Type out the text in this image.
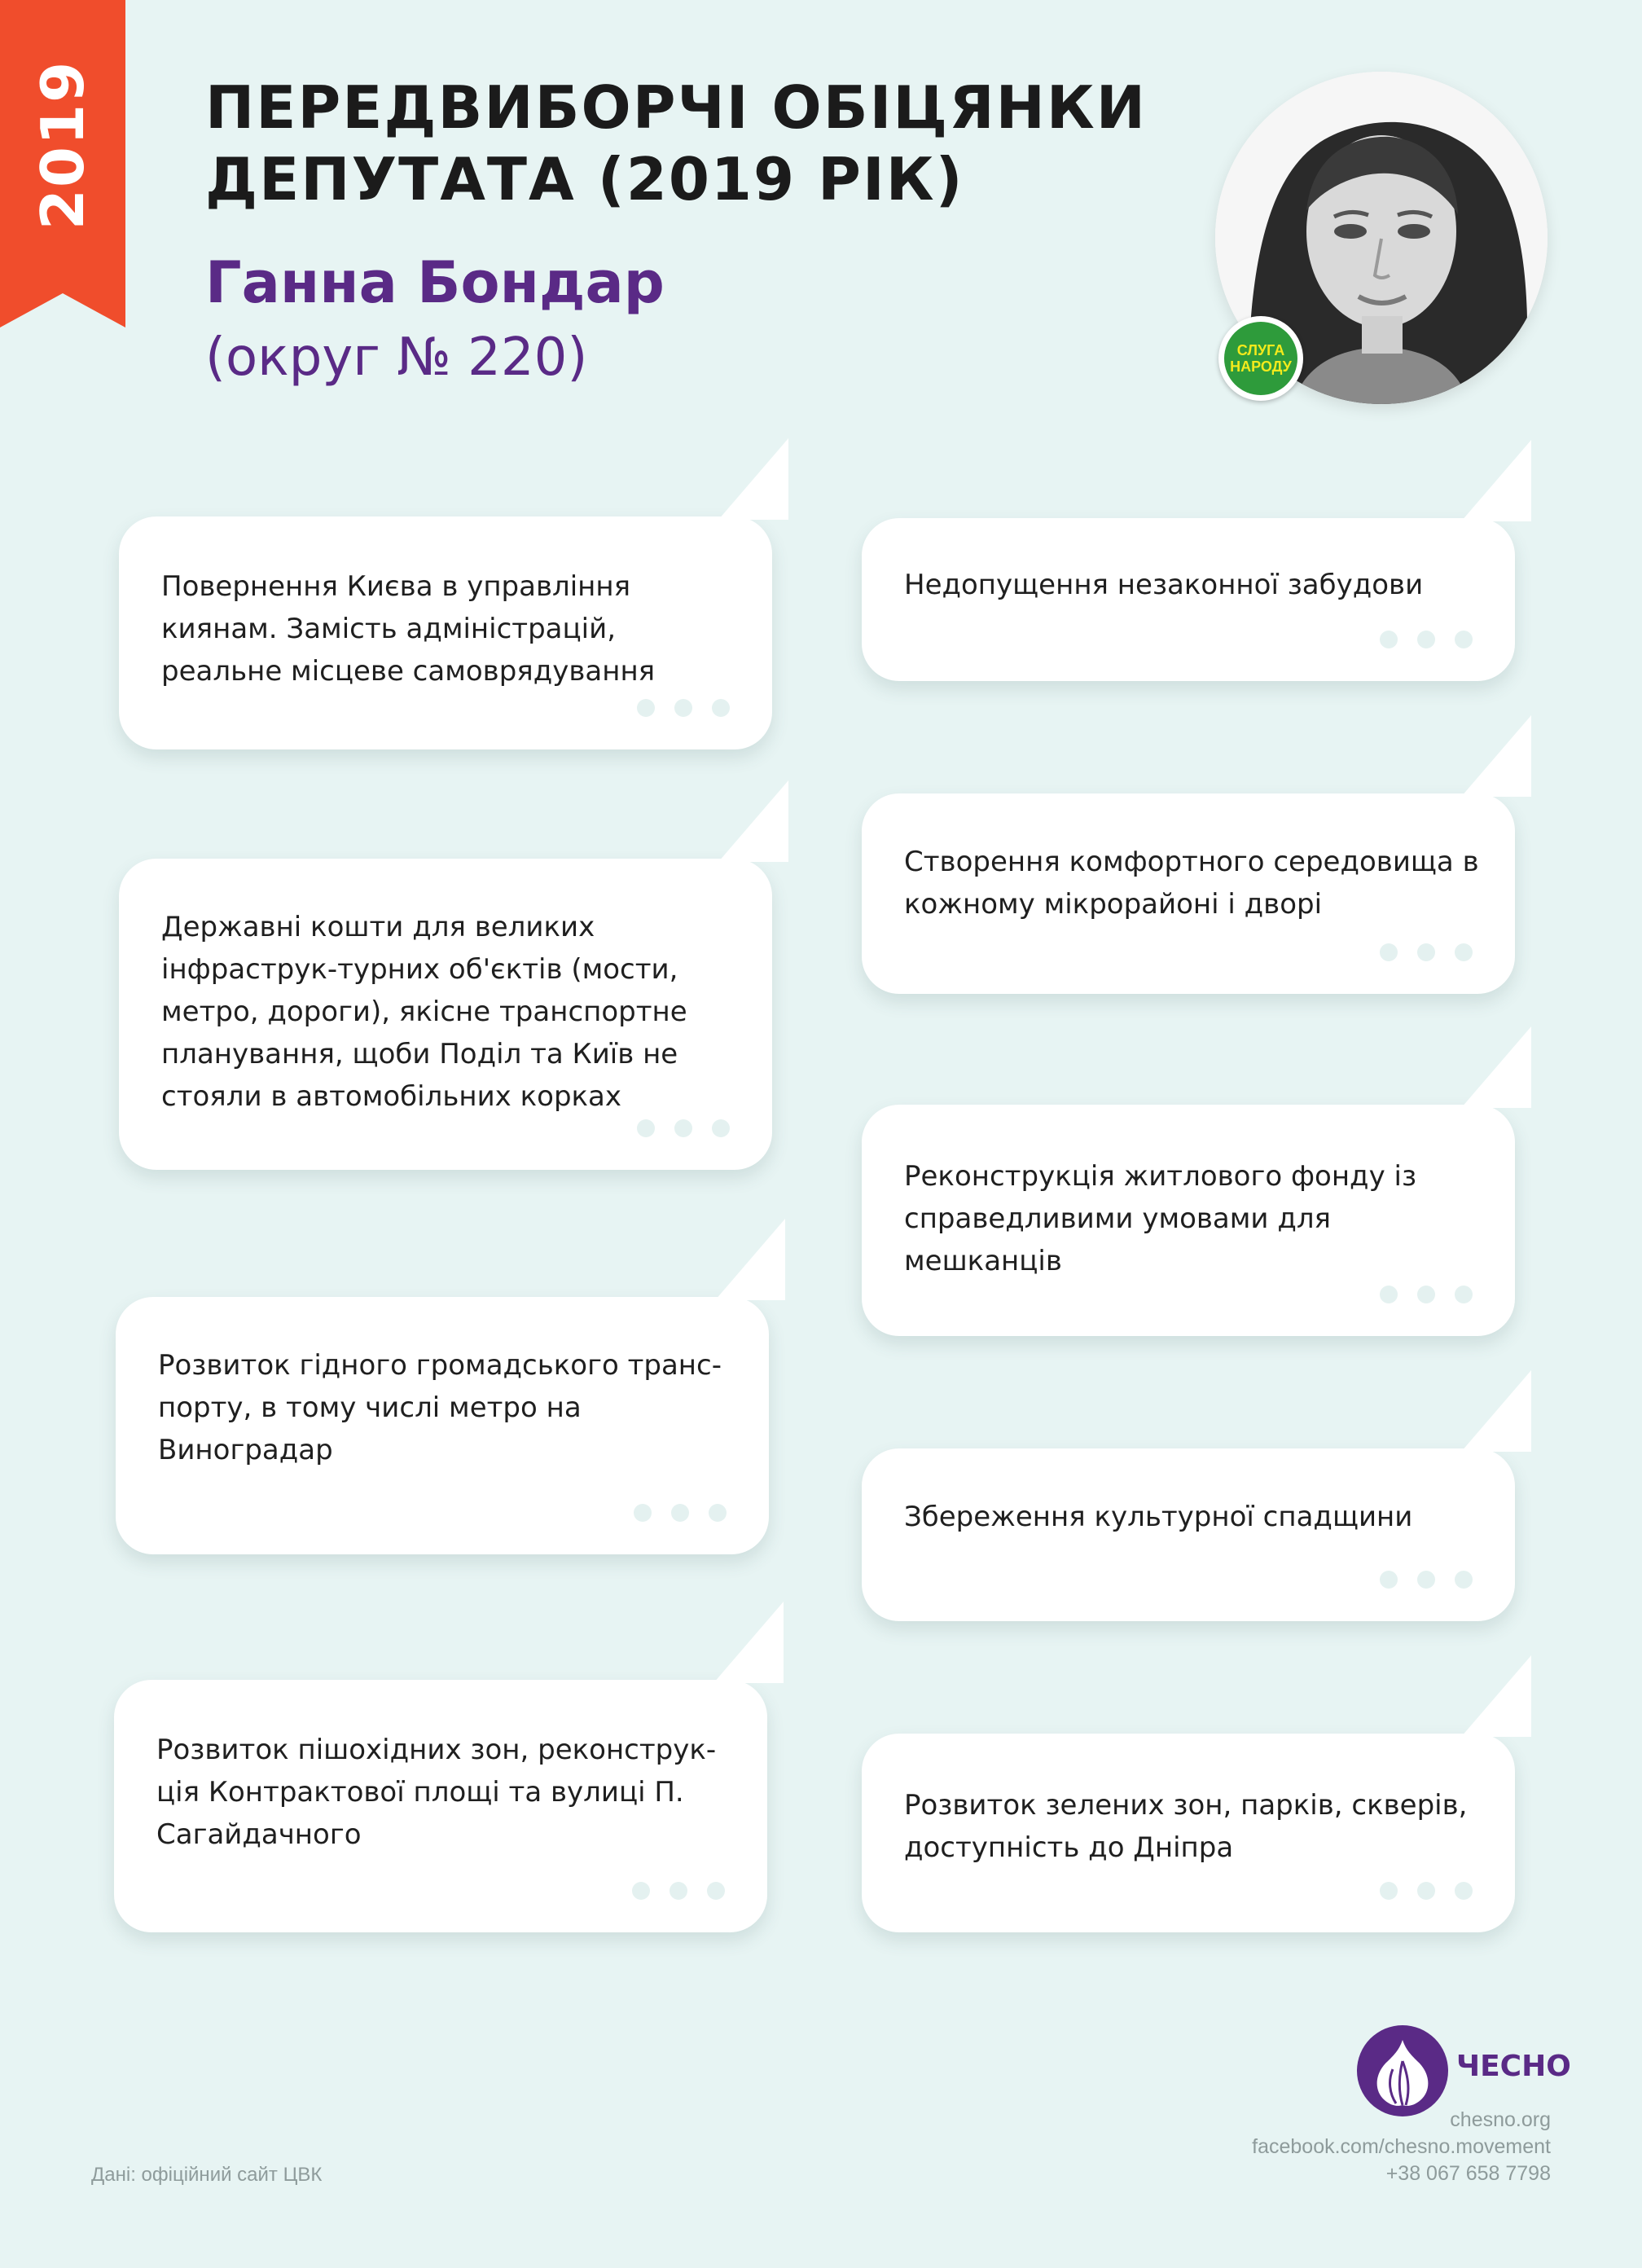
2019 ПЕРЕДВИБОРЧІ ОБІЦЯНКИ
ДЕПУТАТА (2019 РІК)
Ганна Бондар
(округ № 220)	СЛУГА
НАРОДУ
Повернення Києва в управління киянам. Замість адміністрацій, реальне місцеве самоврядування
Державні кошти для великих інфраструк-турних об'єктів (мости, метро, дороги), якісне транспортне планування, щоби Поділ та Київ не стояли в автомобільних корках
Розвиток гідного громадського транс-порту, в тому числі метро на Виноградар
Розвиток пішохідних зон, реконструк-ція Контрактової площі та вулиці П. Сагайдачного
Недопущення незаконної забудови
Створення комфортного середовища в кожному мікрорайоні і дворі
Реконструкція житлового фонду із справедливими умовами для мешканців
Збереження культурної спадщини
Розвиток зелених зон, парків, скверів, доступність до Дніпра
ЧЕСНО
chesno.org
facebook.com/chesno.movement
+38 067 658 7798
Дані: офіційний сайт ЦВК
